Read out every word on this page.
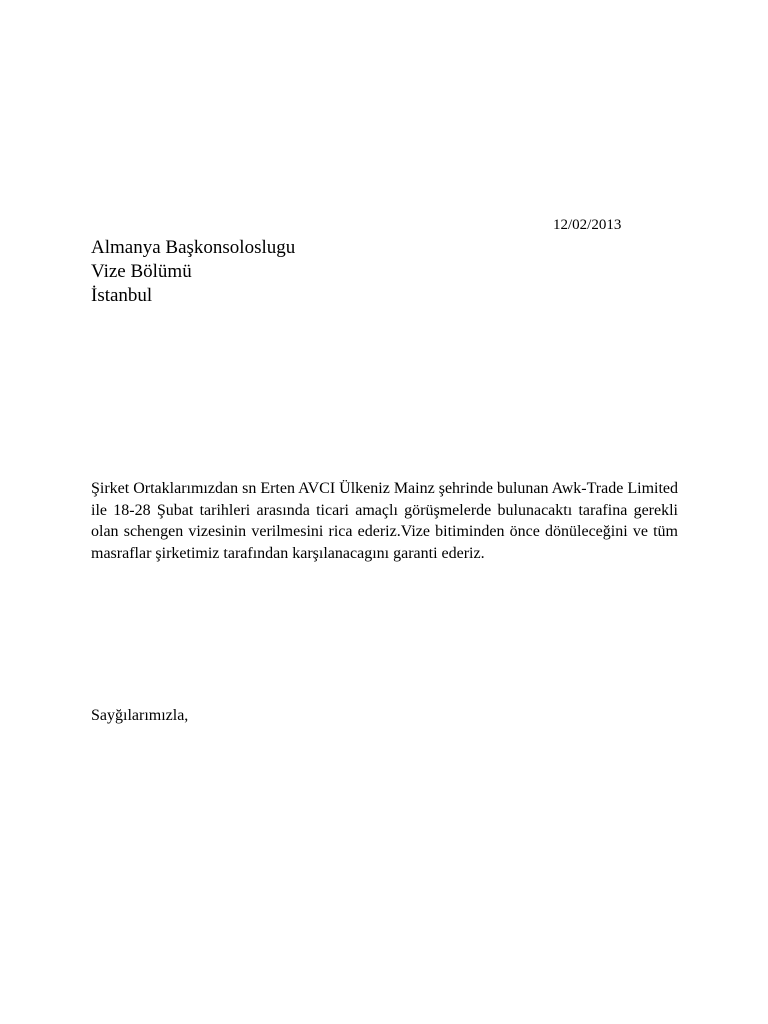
12/02/2013
Almanya Başkonsoloslugu
Vize Bölümü
İstanbul

Şirket Ortaklarımızdan sn Erten AVCI Ülkeniz Mainz şehrinde bulunan Awk-Trade Limited ile 18-28 Şubat tarihleri arasında ticari amaçlı görüşmelerde bulunacaktı tarafina gerekli olan schengen vizesinin verilmesini rica ederiz.Vize bitiminden önce dönüleceğini ve tüm masraflar şirketimiz tarafından karşılanacagını garanti ederiz.

Sayğılarımızla,
